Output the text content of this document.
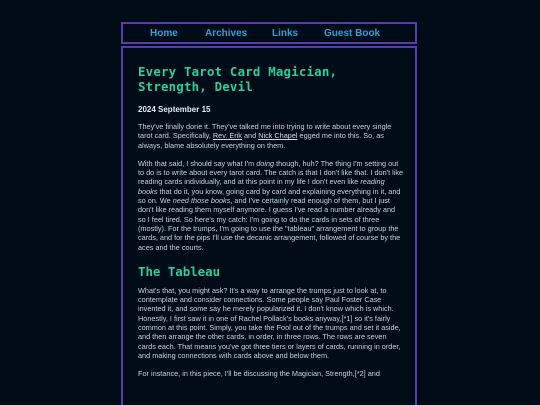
Home	Archives Links	Guest Book
Every Tarot Card Magician, Strength, Devil
2024 September 15

They've finally done it. They've talked me into trying to write about every single tarot card. Specifically, Rev. Erik and Nick Chapel egged me into this. So, as always, blame absolutely everything on them.

With that said, I should say what I'm doing though, huh? The thing I'm setting out to do is to write about every tarot card. The catch is that I don't like that. I don't like reading cards individually, and at this point in my life I don't even like reading books that do it, you know, going card by card and explaining everything in it, and so on. We need those books, and I've certainly read enough of them, but I just don't like reading them myself anymore. I guess I've read a number already and so I feel tired. So here's my catch: I'm going to do the cards in sets of three (mostly). For the trumps, I'm going to use the "tableau" arrangement to group the cards, and for the pips I'll use the decanic arrangement, followed of course by the aces and the courts.

The Tableau

What's that, you might ask? It's a way to arrange the trumps just to look at, to contemplate and consider connections. Some people say Paul Foster Case invented it, and some say he merely popularized it. I don't know which is which. Honestly, I first saw it in one of Rachel Pollack's books anyway,[*1] so it's fairly common at this point. Simply, you take the Fool out of the trumps and set it aside, and then arrange the other cards, in order, in three rows. The rows are seven cards each. That means you've got three tiers or layers of cards, running in order, and making connections with cards above and below them.

For instance, in this piece, I'll be discussing the Magician, Strength,[*2] and
